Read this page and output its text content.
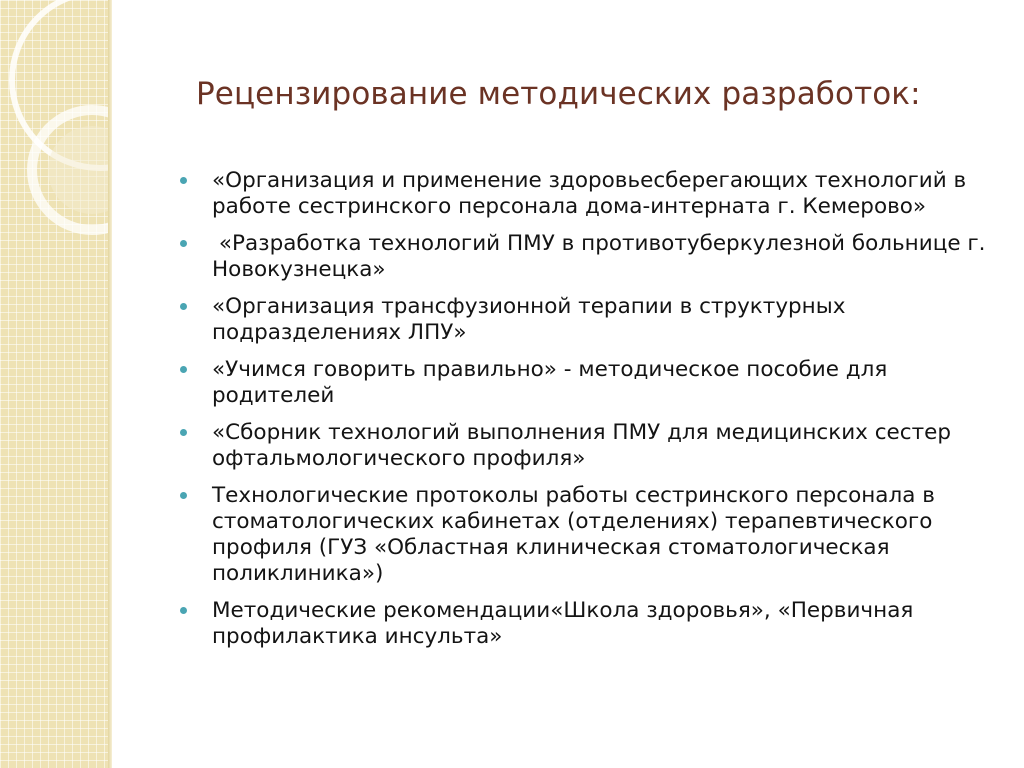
Рецензирование методических разработок:
«Организация и применение здоровьесберегающих технологий в работе сестринского персонала дома-интерната г. Кемерово»
«Разработка технологий ПМУ в противотуберкулезной больнице г. Новокузнецка»
«Организация трансфузионной терапии в структурных подразделениях ЛПУ»
«Учимся говорить правильно» - методическое пособие для родителей
«Сборник технологий выполнения ПМУ для медицинских сестер офтальмологического профиля»
Технологические протоколы работы сестринского персонала в стоматологических кабинетах (отделениях) терапевтического профиля (ГУЗ «Областная клиническая стоматологическая поликлиника»)
Методические рекомендации«Школа здоровья», «Первичная профилактика инсульта»
